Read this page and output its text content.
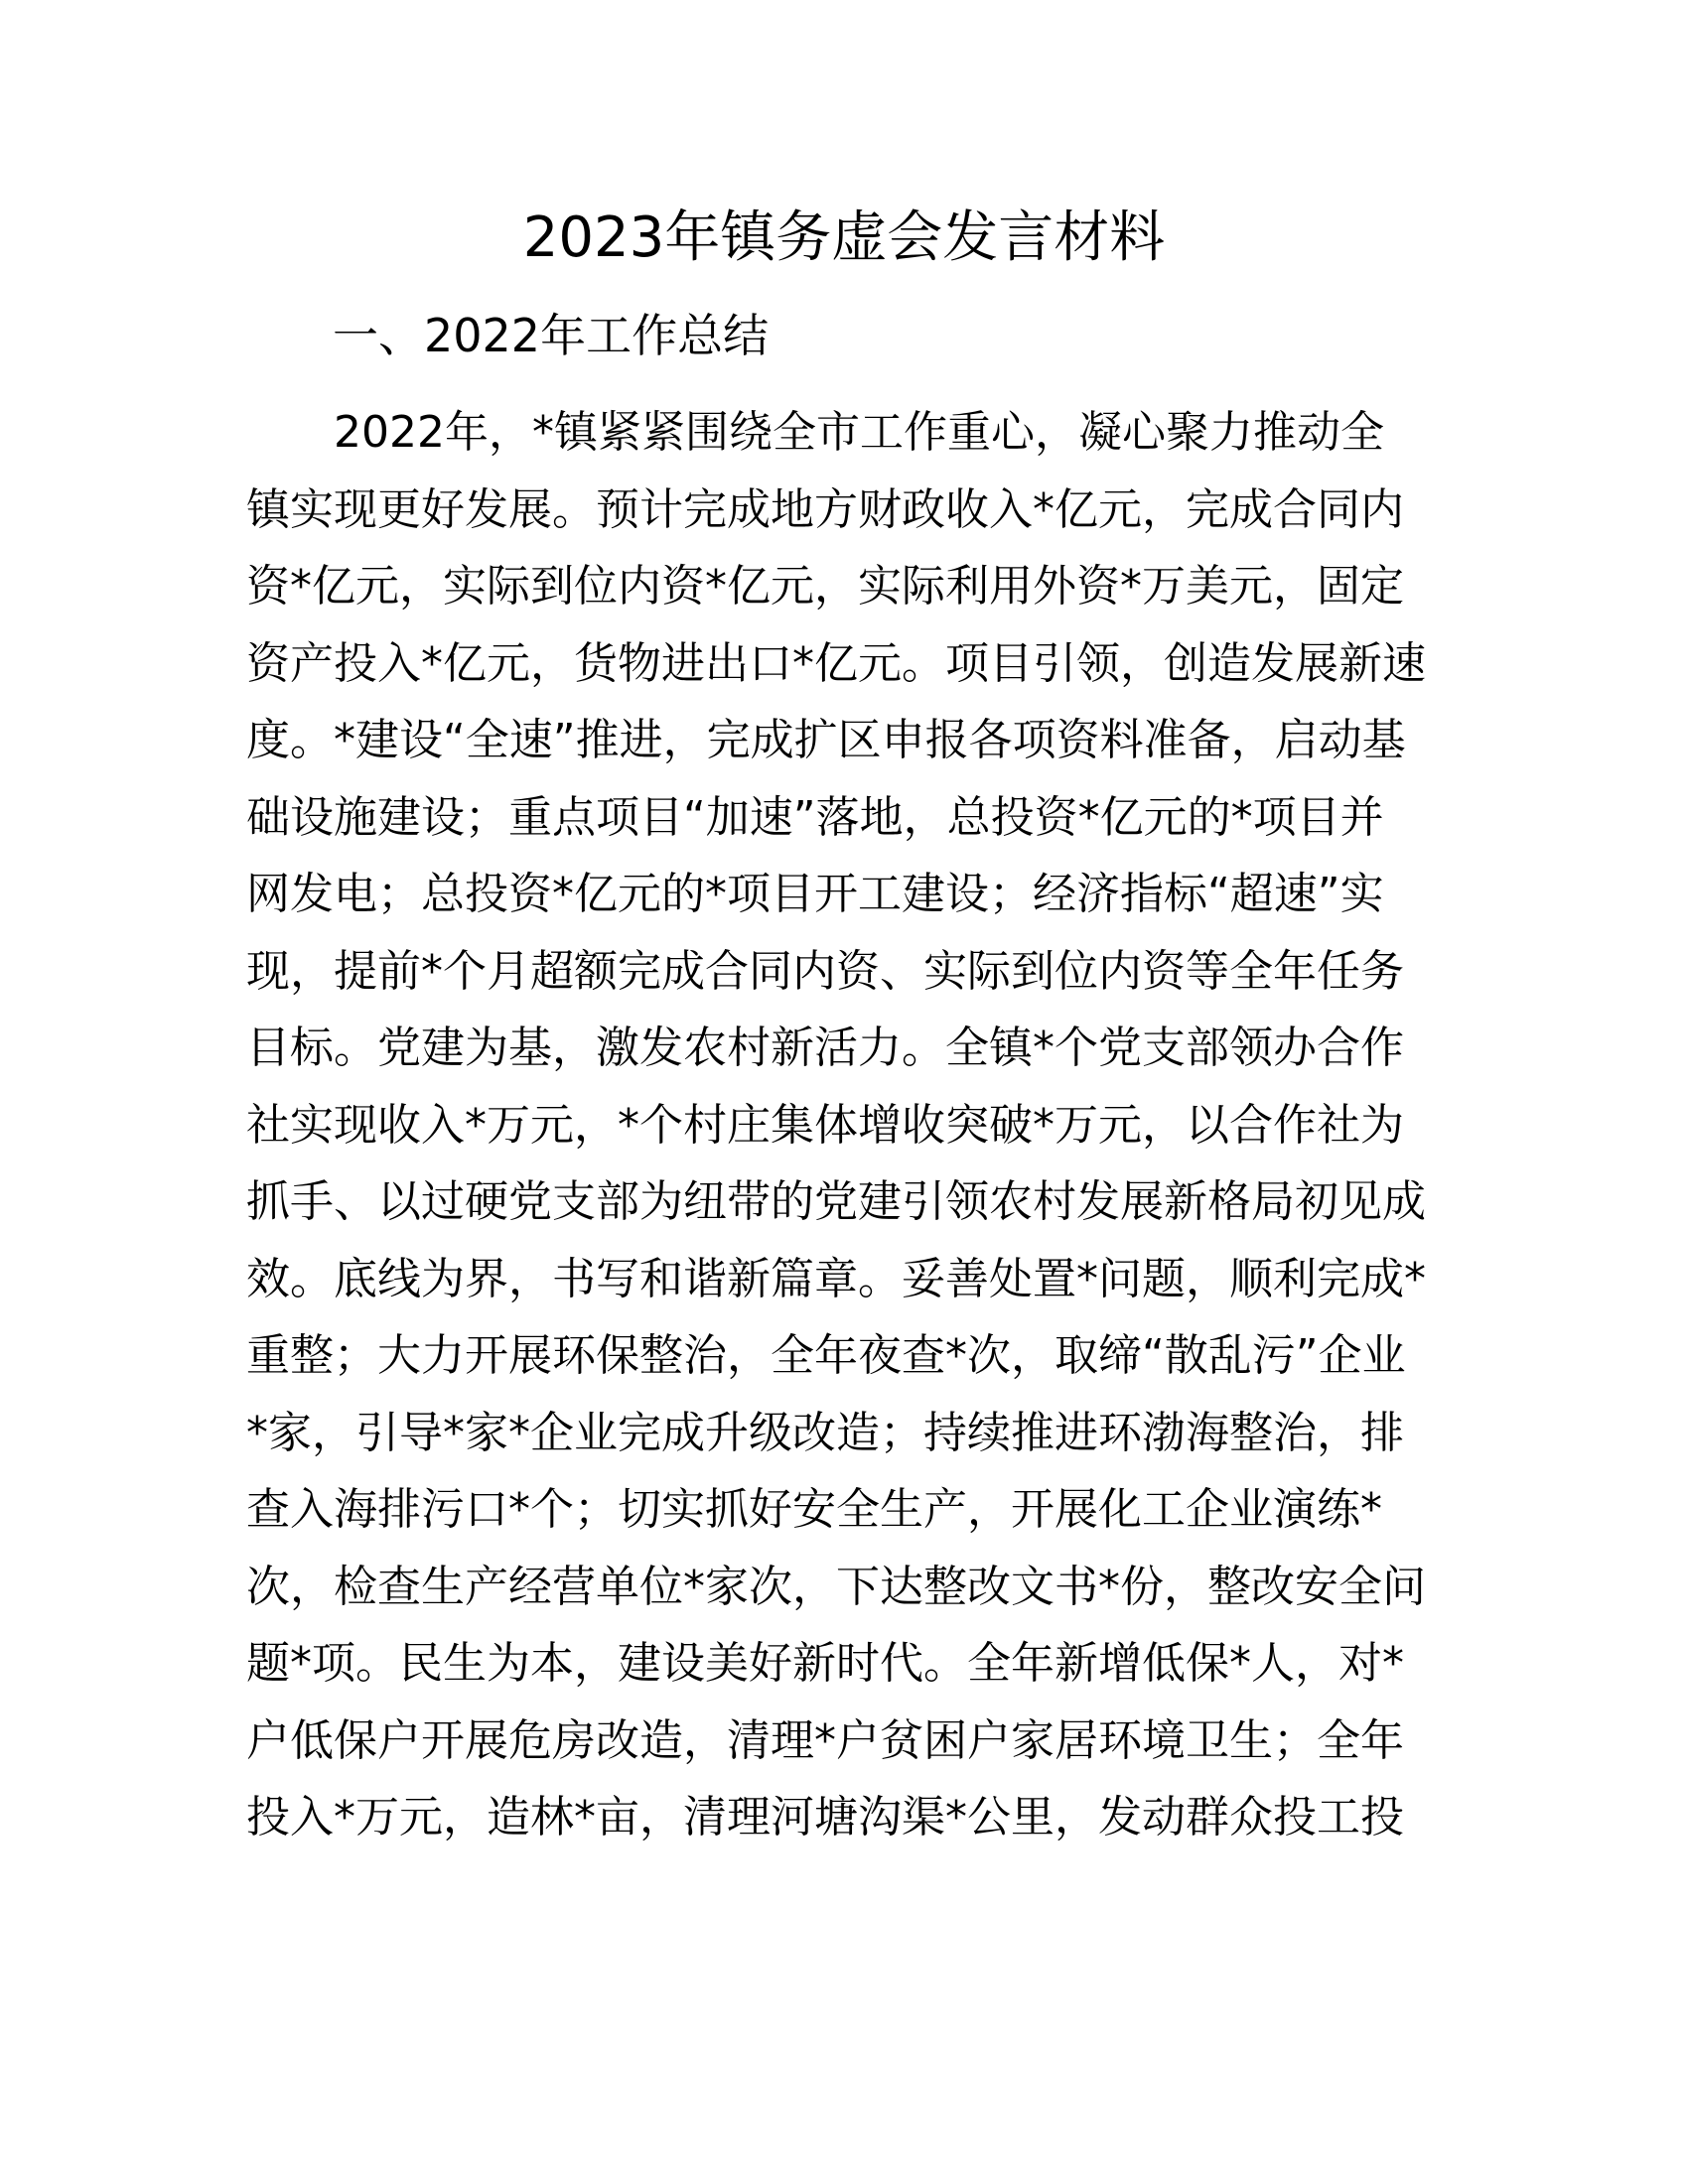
2023年镇务虚会发言材料
一、2022年工作总结
2022年，*镇紧紧围绕全市工作重心，凝心聚力推动全
镇实现更好发展。预计完成地方财政收入*亿元，完成合同内
资*亿元，实际到位内资*亿元，实际利用外资*万美元，固定
资产投入*亿元，货物进出口*亿元。项目引领，创造发展新速
度。*建设“全速”推进，完成扩区申报各项资料准备，启动基
础设施建设；重点项目“加速”落地，总投资*亿元的*项目并
网发电；总投资*亿元的*项目开工建设；经济指标“超速”实
现，提前*个月超额完成合同内资、实际到位内资等全年任务
目标。党建为基，激发农村新活力。全镇*个党支部领办合作
社实现收入*万元，*个村庄集体增收突破*万元，以合作社为
抓手、以过硬党支部为纽带的党建引领农村发展新格局初见成
效。底线为界，书写和谐新篇章。妥善处置*问题，顺利完成*
重整；大力开展环保整治，全年夜查*次，取缔“散乱污”企业
*家，引导*家*企业完成升级改造；持续推进环渤海整治，排
查入海排污口*个；切实抓好安全生产，开展化工企业演练*
次，检查生产经营单位*家次，下达整改文书*份，整改安全问
题*项。民生为本，建设美好新时代。全年新增低保*人，对*
户低保户开展危房改造，清理*户贫困户家居环境卫生；全年
投入*万元，造林*亩，清理河塘沟渠*公里，发动群众投工投
